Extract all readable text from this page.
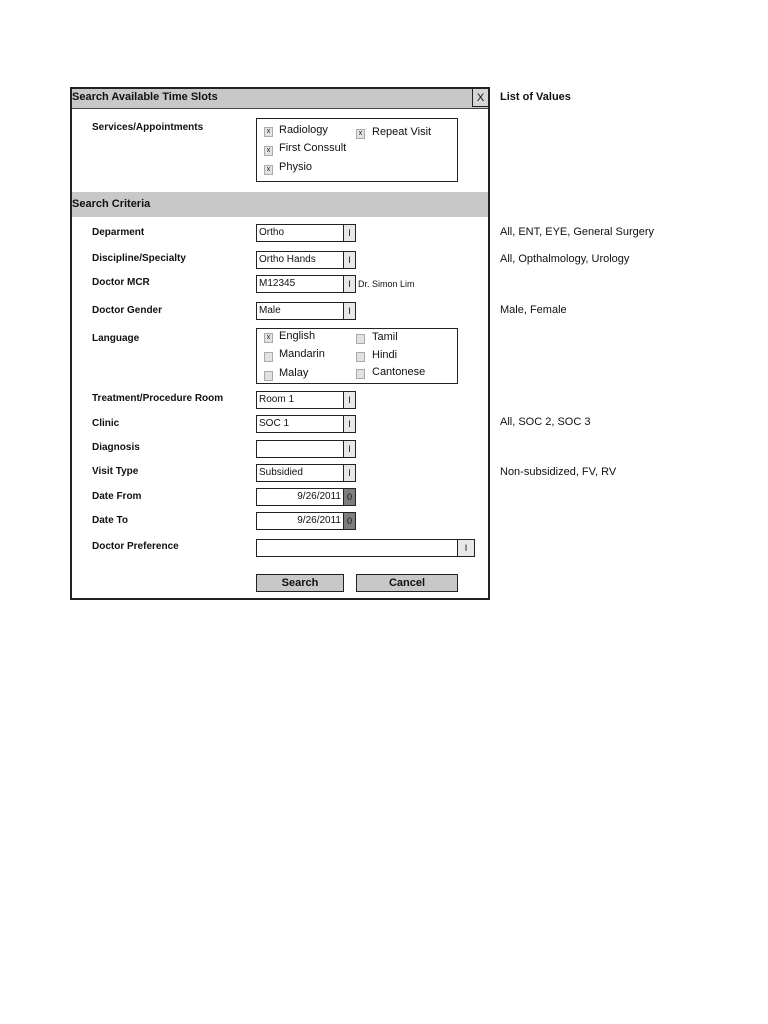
Search Available Time Slots	X
Services/Appointments	x Radiology	x Repeat Visit
x First Conssult
x Physio
Search Criteria
Deparment	Ortho	I
Discipline/Specialty	Ortho Hands	I
Doctor MCR	M12345	I Dr. Simon Lim
Doctor Gender	Male	I
Language	x English	Tamil
Mandarin	Hindi
Malay	Cantonese
Treatment/Procedure Room	Room 1	I
Clinic	SOC 1	I
Diagnosis	I
Visit Type	Subsidied	I
Date From	9/26/2011 0
Date To	9/26/2011 0
Doctor Preference	I
Search	Cancel
List of Values
All, ENT, EYE, General Surgery
All, Opthalmology, Urology
Male, Female
All, SOC 2, SOC 3
Non-subsidized, FV, RV
